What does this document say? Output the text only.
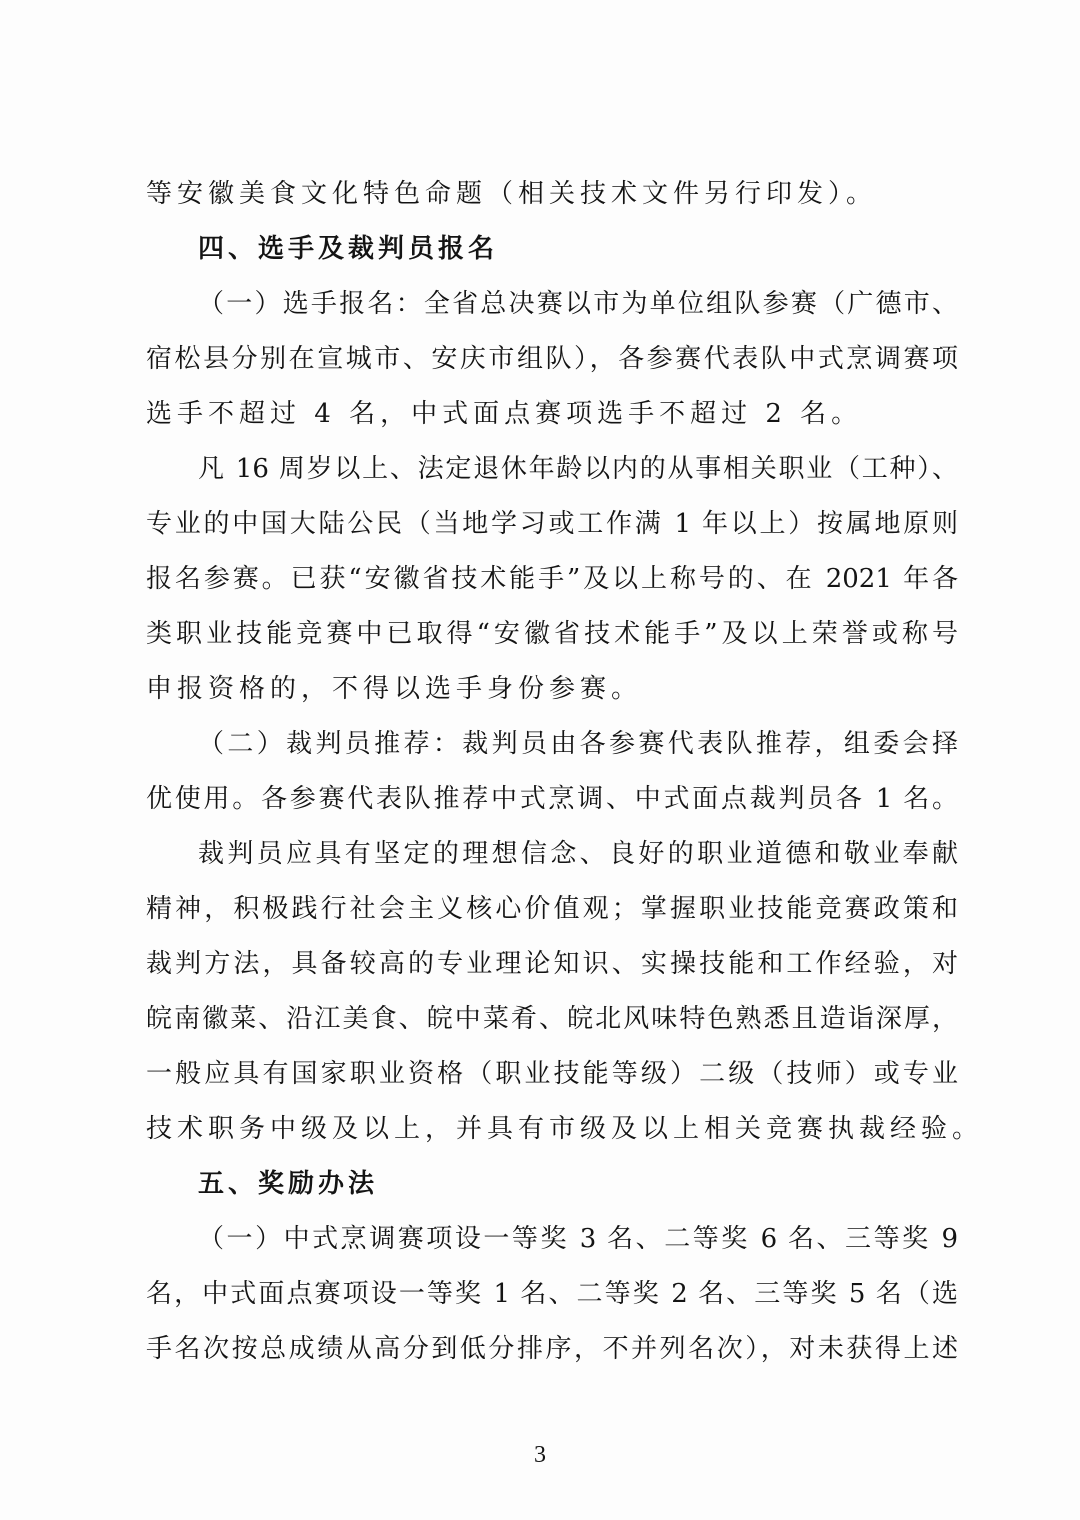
等安徽美食文化特色命题（相关技术文件另行印发）。

四、选手及裁判员报名

（一）选手报名：全省总决赛以市为单位组队参赛（广德市、

宿松县分别在宣城市、安庆市组队），各参赛代表队中式烹调赛项

选手不超过 4 名，中式面点赛项选手不超过 2 名。

凡 16 周岁以上、法定退休年龄以内的从事相关职业（工种）、

专业的中国大陆公民（当地学习或工作满 1 年以上）按属地原则

报名参赛。已获“安徽省技术能手”及以上称号的、在 2021 年各

类职业技能竞赛中已取得“安徽省技术能手”及以上荣誉或称号

申报资格的，不得以选手身份参赛。

（二）裁判员推荐：裁判员由各参赛代表队推荐，组委会择

优使用。各参赛代表队推荐中式烹调、中式面点裁判员各 1 名。

裁判员应具有坚定的理想信念、良好的职业道德和敬业奉献

精神，积极践行社会主义核心价值观；掌握职业技能竞赛政策和

裁判方法，具备较高的专业理论知识、实操技能和工作经验，对

皖南徽菜、沿江美食、皖中菜肴、皖北风味特色熟悉且造诣深厚，

一般应具有国家职业资格（职业技能等级）二级（技师）或专业

技术职务中级及以上，并具有市级及以上相关竞赛执裁经验。

五、奖励办法

（一）中式烹调赛项设一等奖 3 名、二等奖 6 名、三等奖 9

名，中式面点赛项设一等奖 1 名、二等奖 2 名、三等奖 5 名（选

手名次按总成绩从高分到低分排序，不并列名次），对未获得上述

3
